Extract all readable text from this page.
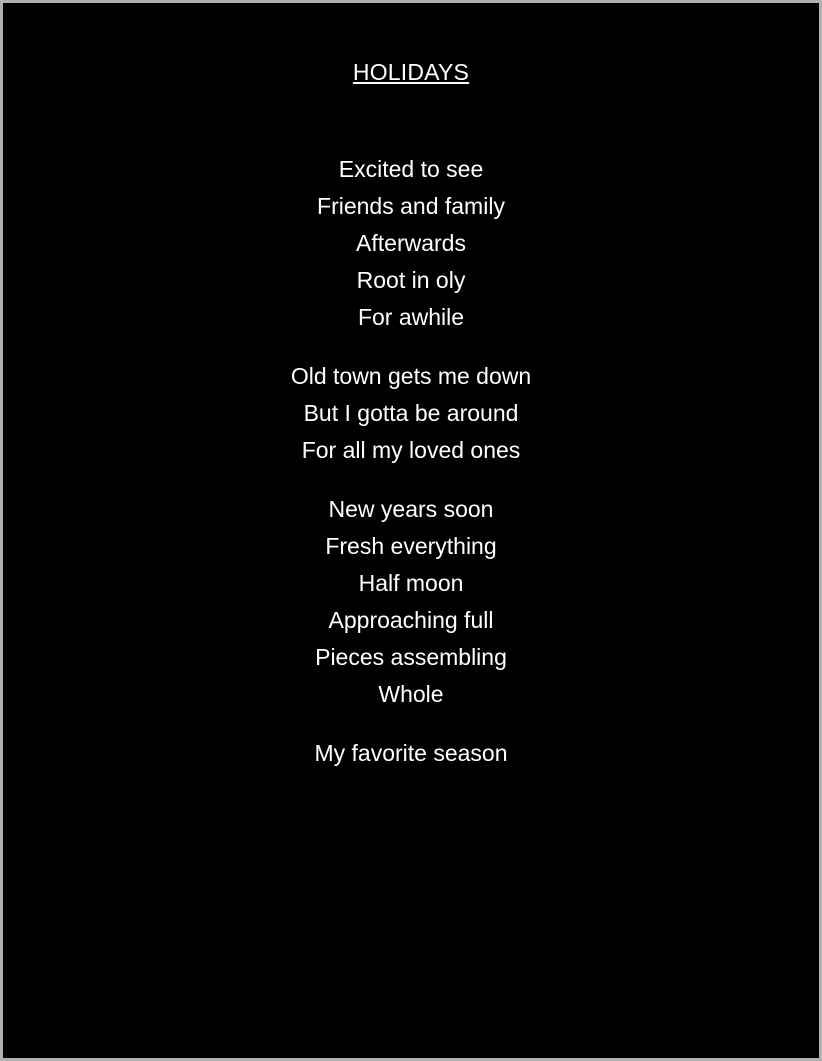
HOLIDAYS
Excited to see
Friends and family
Afterwards
Root in oly
For awhile
Old town gets me down
But I gotta be around
For all my loved ones
New years soon
Fresh everything
Half moon
Approaching full
Pieces assembling
Whole
My favorite season
